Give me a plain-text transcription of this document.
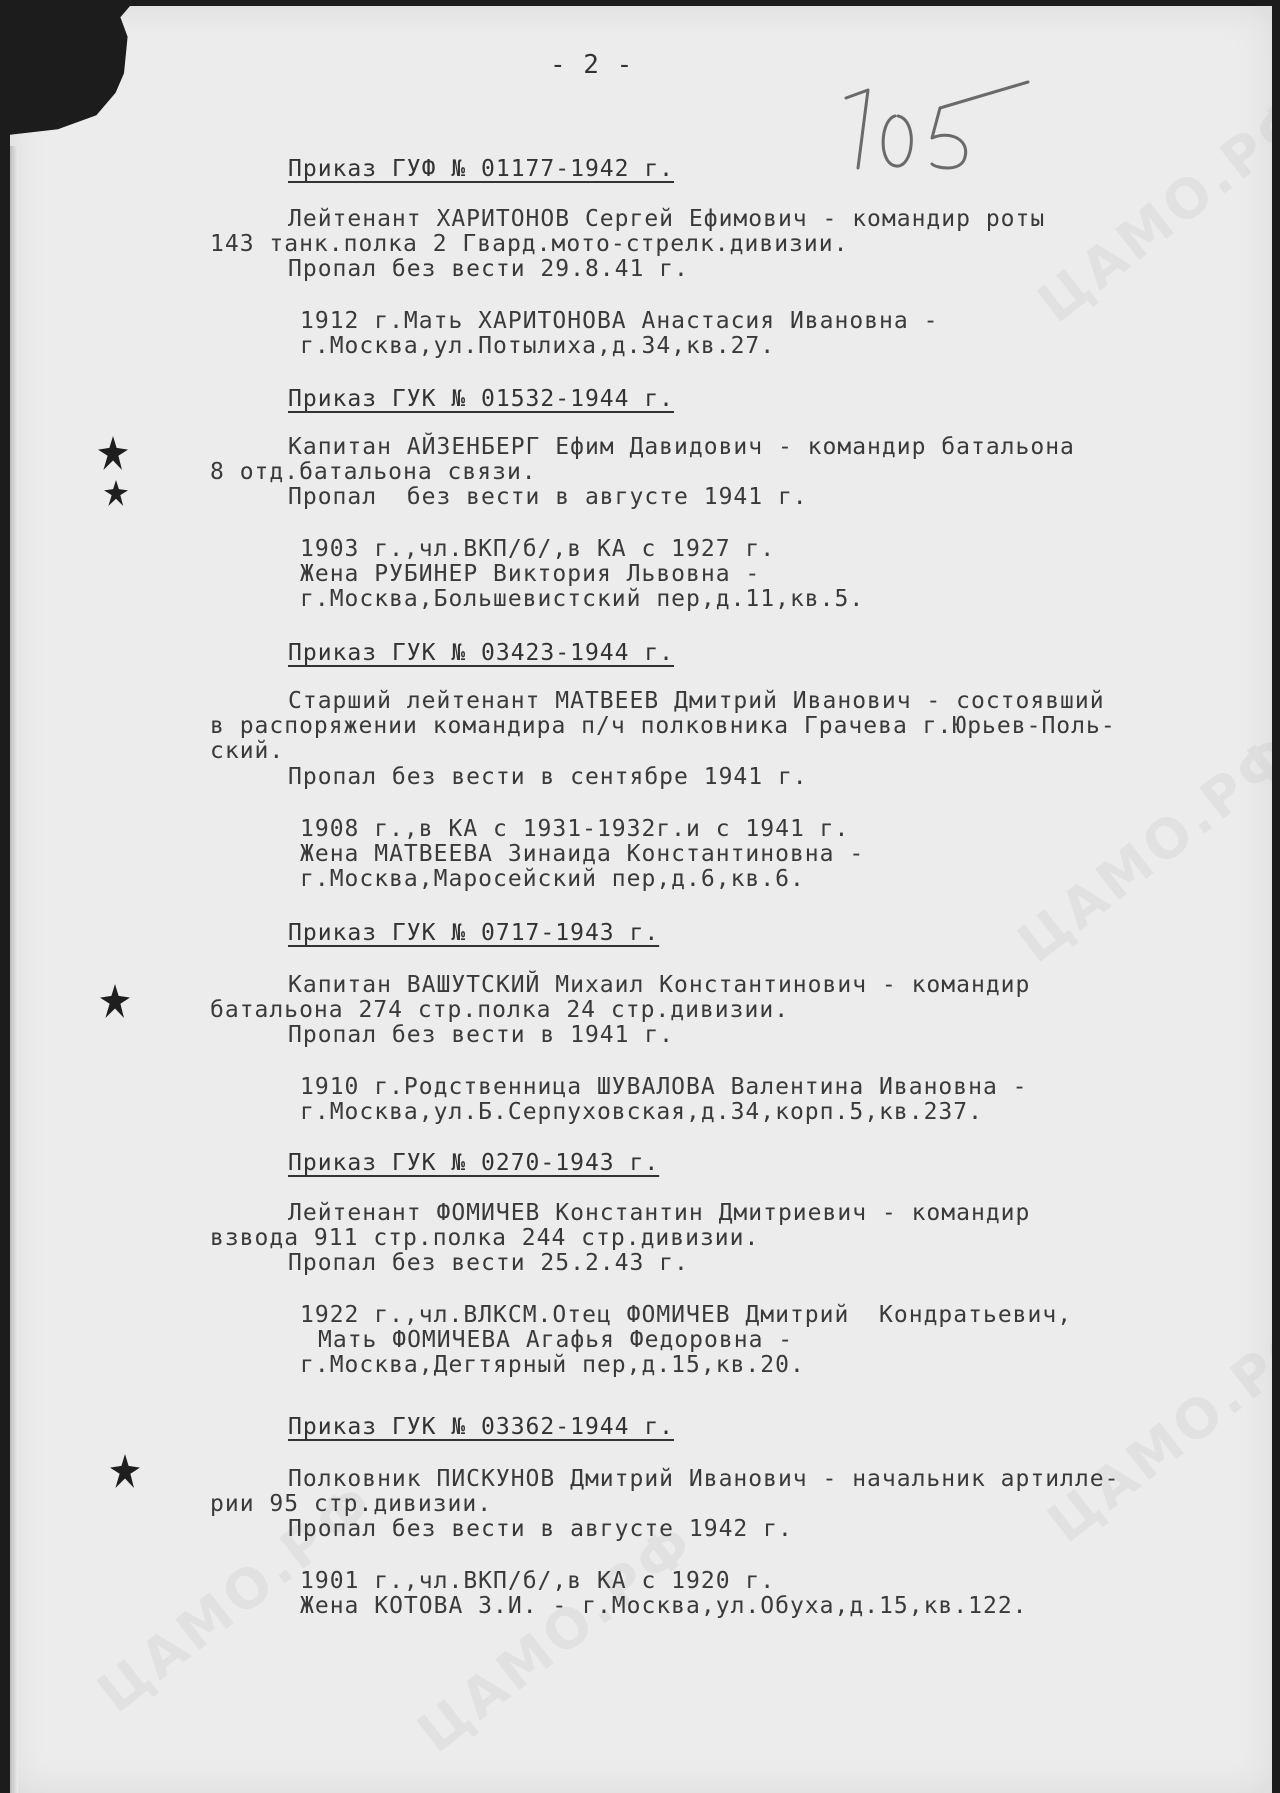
- 2 -
Приказ ГУФ № 01177-1942 г.
Лейтенант ХАРИТОНОВ Сергей Ефимович - командир роты
143 танк.полка 2 Гвард.мото-стрелк.дивизии.
Пропал без вести 29.8.41 г.
1912 г.Мать ХАРИТОНОВА Анастасия Ивановна -
г.Москва,ул.Потылиха,д.34,кв.27.
Приказ ГУК № 01532-1944 г.
Капитан АЙЗЕНБЕРГ Ефим Давидович - командир батальона
8 отд.батальона связи.
Пропал  без вести в августе 1941 г.
1903 г.,чл.ВКП/б/,в КА с 1927 г.
Жена РУБИНЕР Виктория Львовна -
г.Москва,Большевистский пер,д.11,кв.5.
Приказ ГУК № 03423-1944 г.
Старший лейтенант МАТВЕЕВ Дмитрий Иванович - состоявший
в распоряжении командира п/ч полковника Грачева г.Юрьев-Поль-
ский.
Пропал без вести в сентябре 1941 г.
1908 г.,в КА с 1931-1932г.и с 1941 г.
Жена МАТВЕЕВА Зинаида Константиновна -
г.Москва,Маросейский пер,д.6,кв.6.
Приказ ГУК № 0717-1943 г.
Капитан ВАШУТСКИЙ Михаил Константинович - командир
батальона 274 стр.полка 24 стр.дивизии.
Пропал без вести в 1941 г.
1910 г.Родственница ШУВАЛОВА Валентина Ивановна -
г.Москва,ул.Б.Серпуховская,д.34,корп.5,кв.237.
Приказ ГУК № 0270-1943 г.
Лейтенант ФОМИЧЕВ Константин Дмитриевич - командир
взвода 911 стр.полка 244 стр.дивизии.
Пропал без вести 25.2.43 г.
1922 г.,чл.ВЛКСМ.Отец ФОМИЧЕВ Дмитрий  Кондратьевич,
Мать ФОМИЧЕВА Агафья Федоровна -
г.Москва,Дегтярный пер,д.15,кв.20.
Приказ ГУК № 03362-1944 г.
Полковник ПИСКУНОВ Дмитрий Иванович - начальник артилле-
рии 95 стр.дивизии.
Пропал без вести в августе 1942 г.
1901 г.,чл.ВКП/б/,в КА с 1920 г.
Жена КОТОВА З.И. - г.Москва,ул.Обуха,д.15,кв.122.
